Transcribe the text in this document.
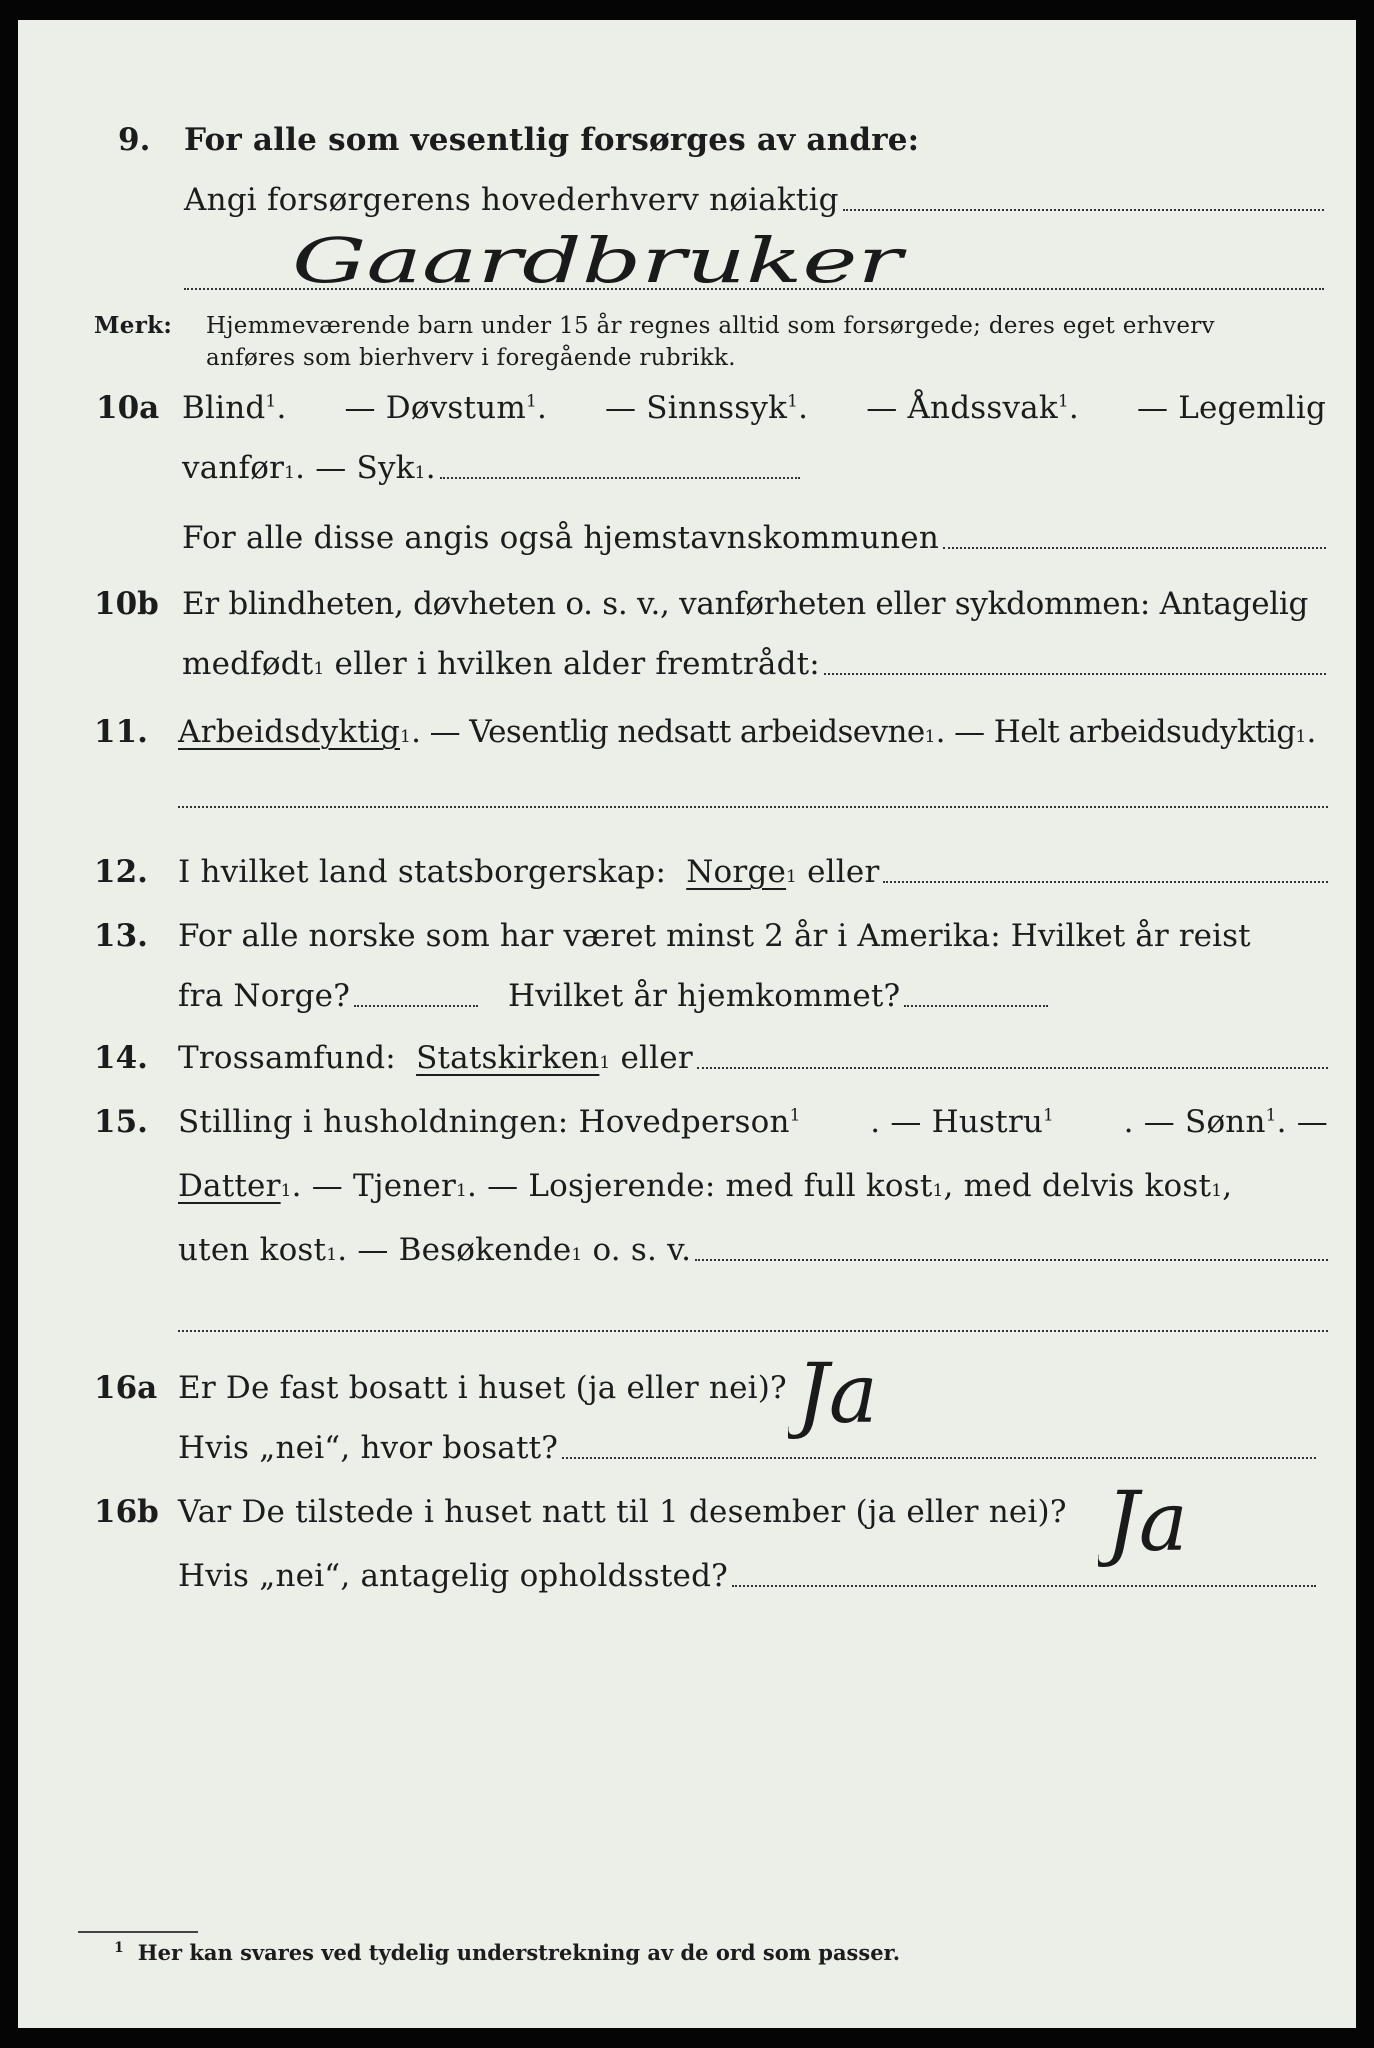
9. For alle som vesentlig forsørges av andre:
Angi forsørgerens hovederhverv nøiaktig
Gaardbruker
Merk: Hjemmeværende barn under 15 år regnes alltid som forsørgede; deres eget erhverv
anføres som bierhverv i foregående rubrikk.
10a Blind$^1$. — Døvstum$^1$. — Sinnssyk$^1$. — Åndssvak$^1$. — Legemlig
vanfør 1 .
— Syk 1 .
For alle disse angis også hjemstavnskommunen
10b Er blindheten, døvheten o. s. v., vanførheten eller sykdommen: Antagelig
medfødt 1
eller i hvilken alder fremtrådt:
11. Arbeidsdyktig 1 . — Vesentlig nedsatt arbeidsevne 1 . — Helt arbeidsudyktig 1 .
12. I hvilket land statsborgerskap:
Norge 1
eller
13. For alle norske som har været minst 2 år i Amerika: Hvilket år reist
fra Norge?	Hvilket år hjemkommet?
14. Trossamfund:
Statskirken 1
eller
15. Stilling i husholdningen: Hovedperson$^1$ . — Hustru$^1$ . — Sønn$^1$. —
Datter 1 . — Tjener 1 . — Losjerende: med full kost 1 , med delvis kost 1 ,
uten kost 1 . — Besøkende 1
o. s. v.
16a Er De fast bosatt i huset (ja eller nei)? Ja
Hvis „nei“, hvor bosatt?
16b Var De tilstede i huset natt til 1 desember (ja eller nei)? Ja
Hvis „nei“, antagelig opholdssted?
$^1$ Her kan svares ved tydelig understrekning av de ord som passer.
